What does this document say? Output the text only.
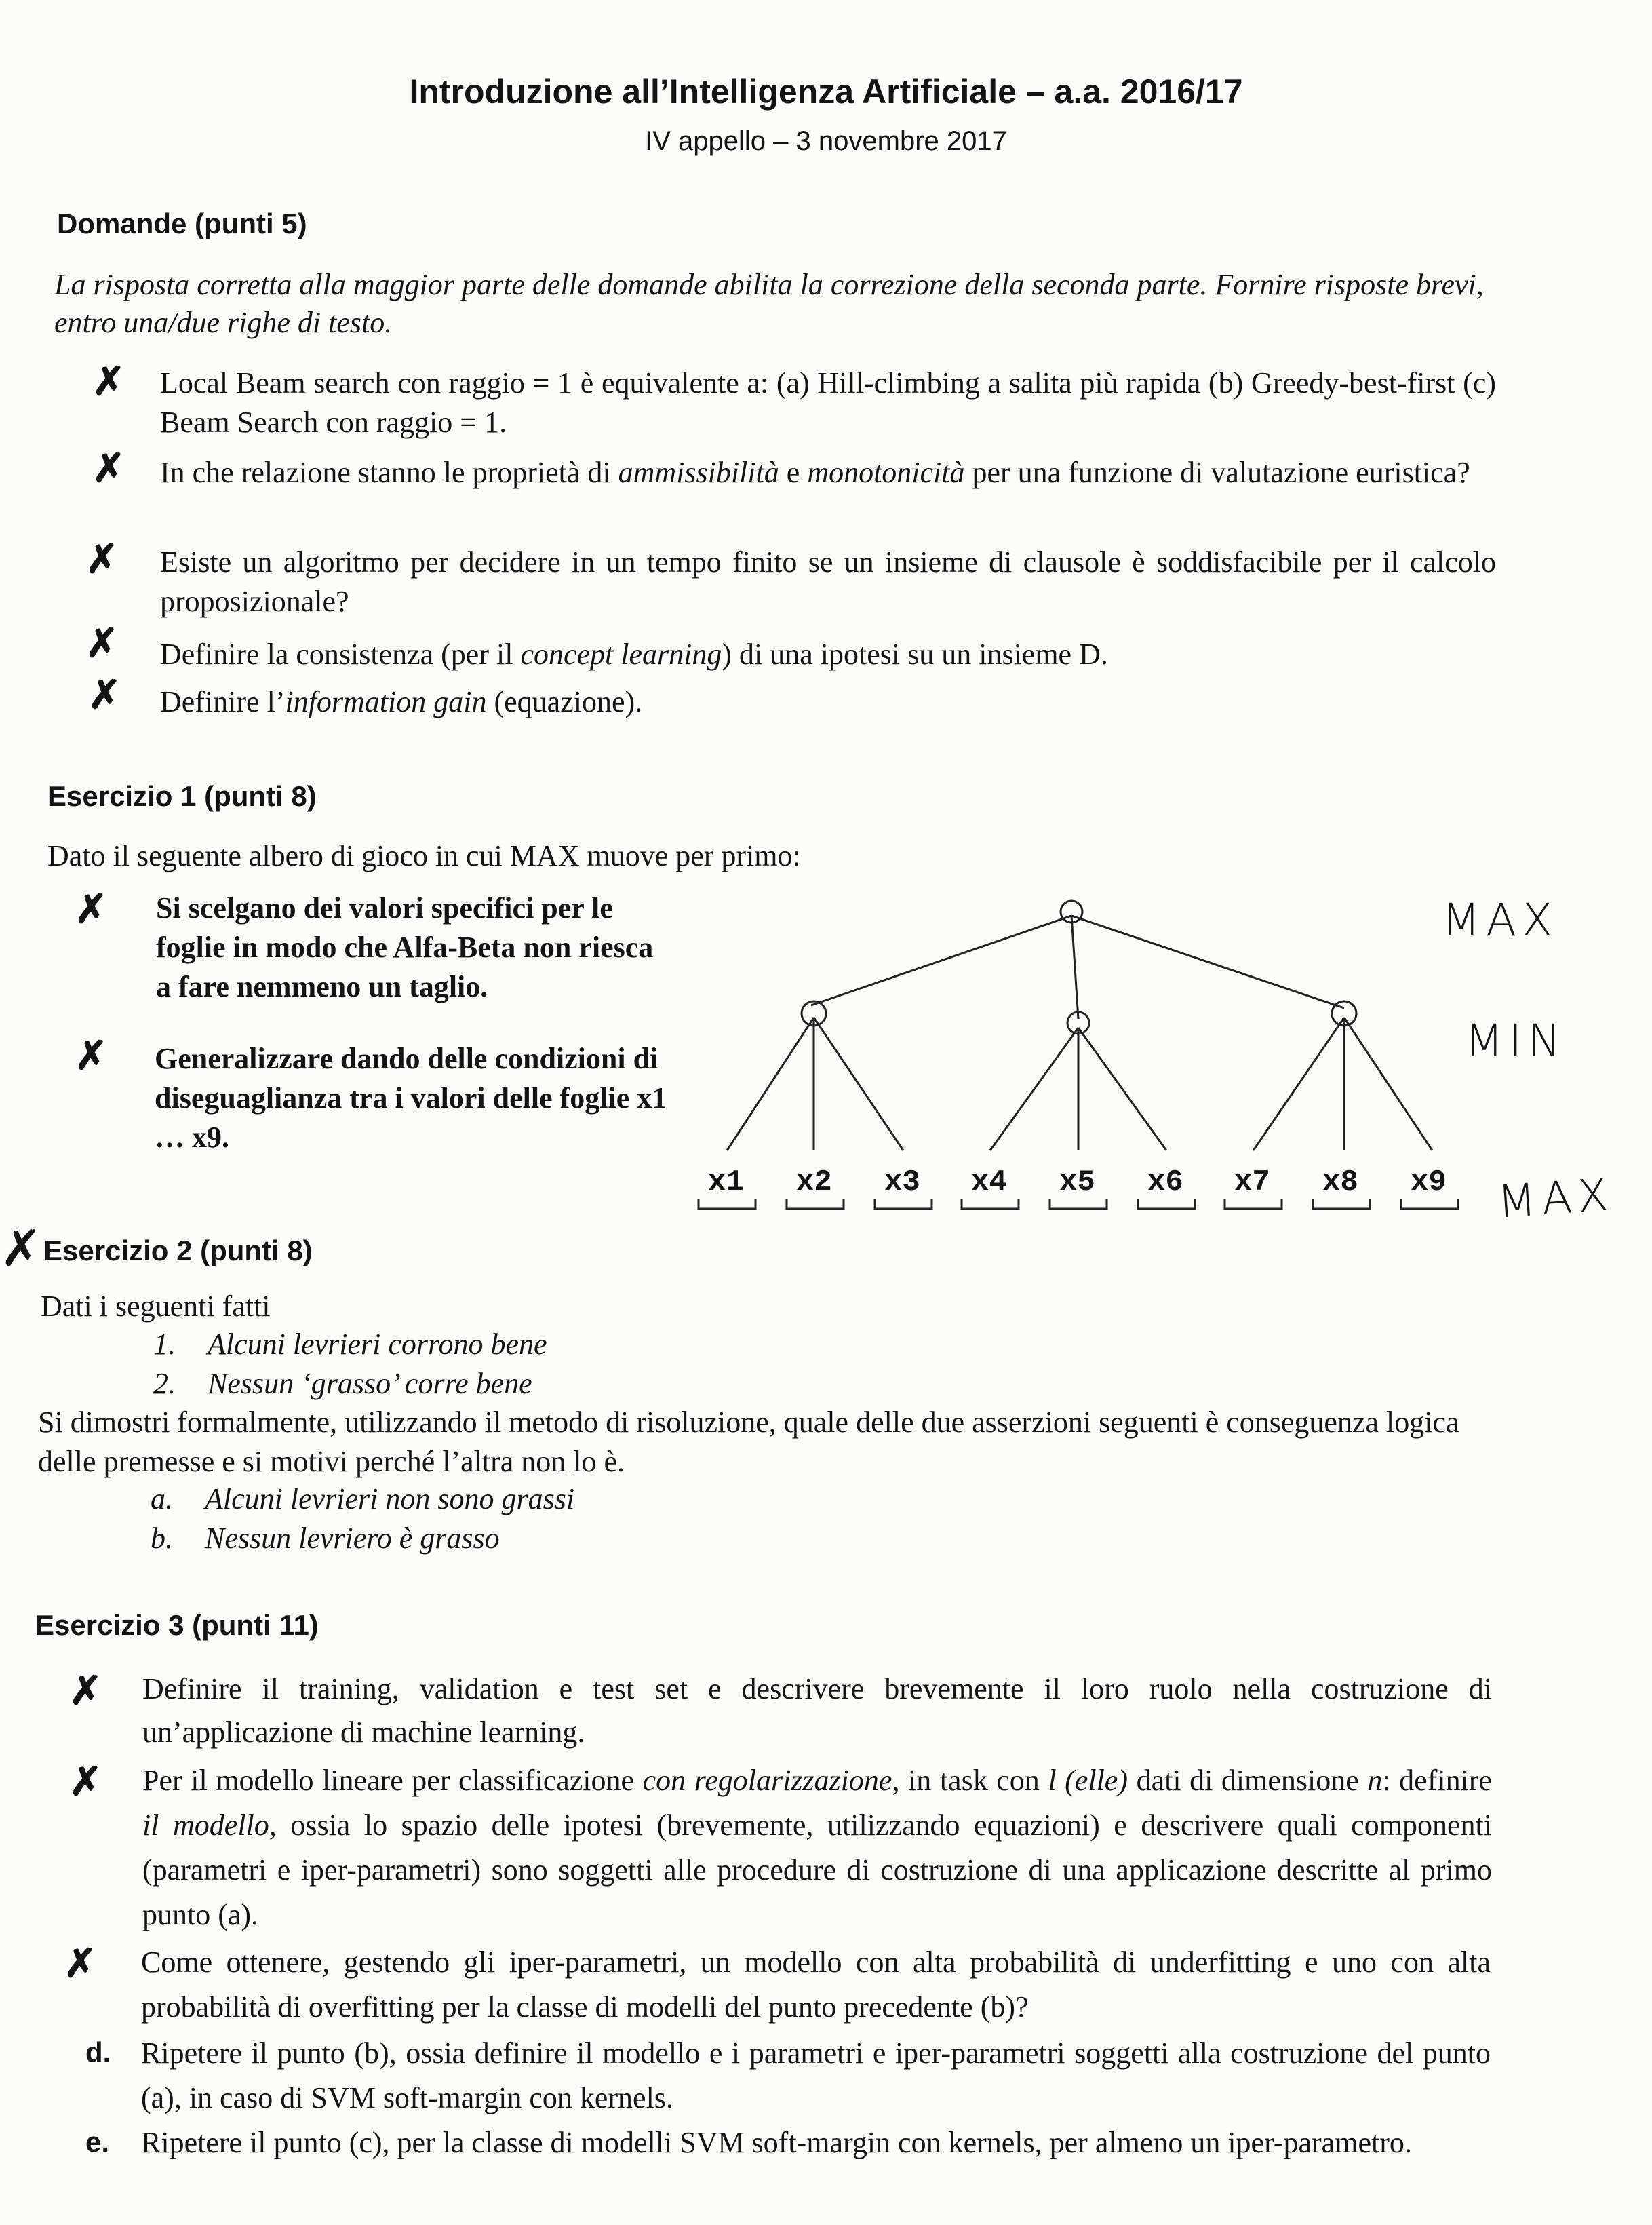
Introduzione all’Intelligenza Artificiale – a.a. 2016/17
IV appello – 3 novembre 2017
Domande (punti 5)
La risposta corretta alla maggior parte delle domande abilita la correzione della seconda parte. Fornire risposte brevi, entro una/due righe di testo.
✗ Local Beam search con raggio = 1 è equivalente a: (a) Hill-climbing a salita più rapida (b) Greedy-best-first (c) Beam Search con raggio = 1.
✗ In che relazione stanno le proprietà di ammissibilità e monotonicità per una funzione di valutazione euristica?
✗ Esiste un algoritmo per decidere in un tempo finito se un insieme di clausole è soddisfacibile per il calcolo proposizionale?
✗ Definire la consistenza (per il concept learning) di una ipotesi su un insieme D.
✗ Definire l’information gain (equazione).
Esercizio 1 (punti 8)
Dato il seguente albero di gioco in cui MAX muove per primo:
✗ Si scelgano dei valori specifici per le foglie in modo che Alfa-Beta non riesca a fare nemmeno un taglio.
✗ Generalizzare dando delle condizioni di diseguaglianza tra i valori delle foglie x1 … x9.
x1 x2 x3 x4 x5 x6 x7 x8 x9
MAX
MIN
MAX
✗ Esercizio 2 (punti 8)
Dati i seguenti fatti
1. Alcuni levrieri corrono bene
2. Nessun ‘grasso’ corre bene
Si dimostri formalmente, utilizzando il metodo di risoluzione, quale delle due asserzioni seguenti è conseguenza logica delle premesse e si motivi perché l’altra non lo è.
a. Alcuni levrieri non sono grassi
b. Nessun levriero è grasso
Esercizio 3 (punti 11)
✗ Definire il training, validation e test set e descrivere brevemente il loro ruolo nella costruzione di un’applicazione di machine learning.
✗ Per il modello lineare per classificazione con regolarizzazione, in task con l (elle) dati di dimensione n: definire il modello, ossia lo spazio delle ipotesi (brevemente, utilizzando equazioni) e descrivere quali componenti (parametri e iper-parametri) sono soggetti alle procedure di costruzione di una applicazione descritte al primo punto (a).
✗ Come ottenere, gestendo gli iper-parametri, un modello con alta probabilità di underfitting e uno con alta probabilità di overfitting per la classe di modelli del punto precedente (b)?
d. Ripetere il punto (b), ossia definire il modello e i parametri e iper-parametri soggetti alla costruzione del punto (a), in caso di SVM soft-margin con kernels.
e. Ripetere il punto (c), per la classe di modelli SVM soft-margin con kernels, per almeno un iper-parametro.
